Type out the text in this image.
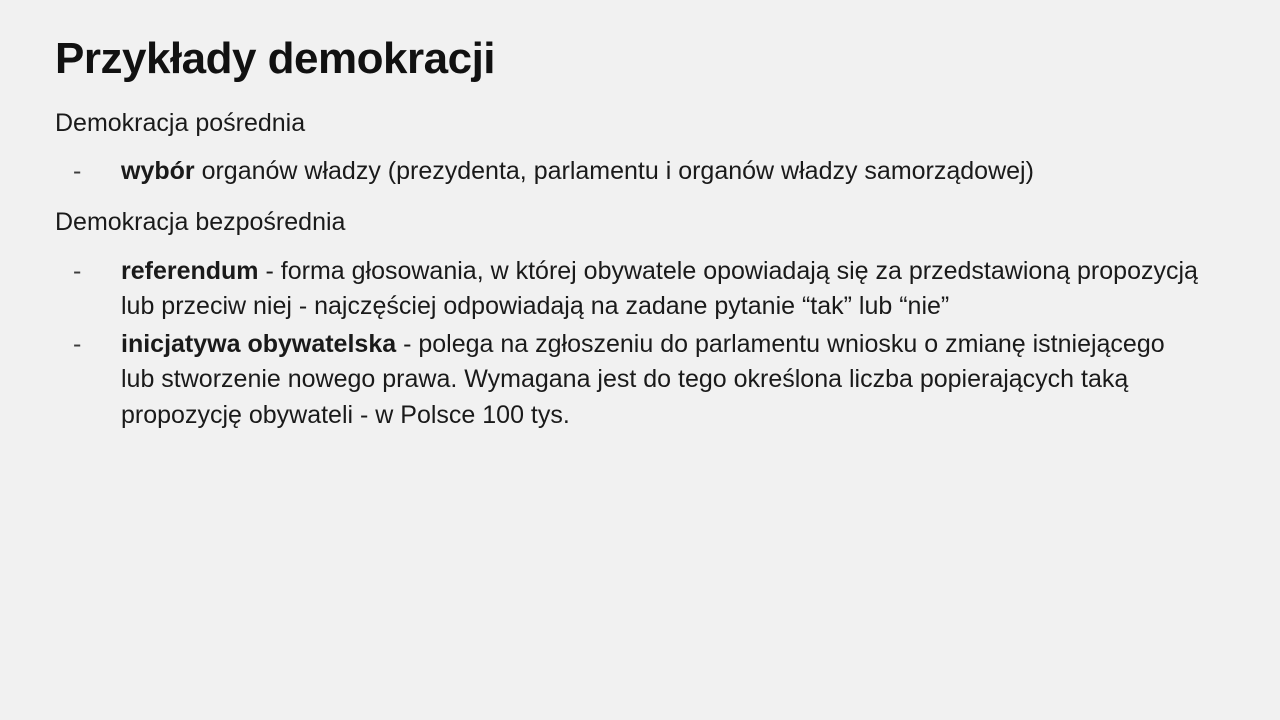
Przykłady demokracji

Demokracja pośrednia

-	wybór organów władzy (prezydenta, parlamentu i organów władzy samorządowej)

Demokracja bezpośrednia

-	referendum - forma głosowania, w której obywatele opowiadają się za przedstawioną propozycją lub przeciw niej - najczęściej odpowiadają na zadane pytanie “tak” lub “nie”
-	inicjatywa obywatelska - polega na zgłoszeniu do parlamentu wniosku o zmianę istniejącego lub stworzenie nowego prawa. Wymagana jest do tego określona liczba popierających taką propozycję obywateli - w Polsce 100 tys.
